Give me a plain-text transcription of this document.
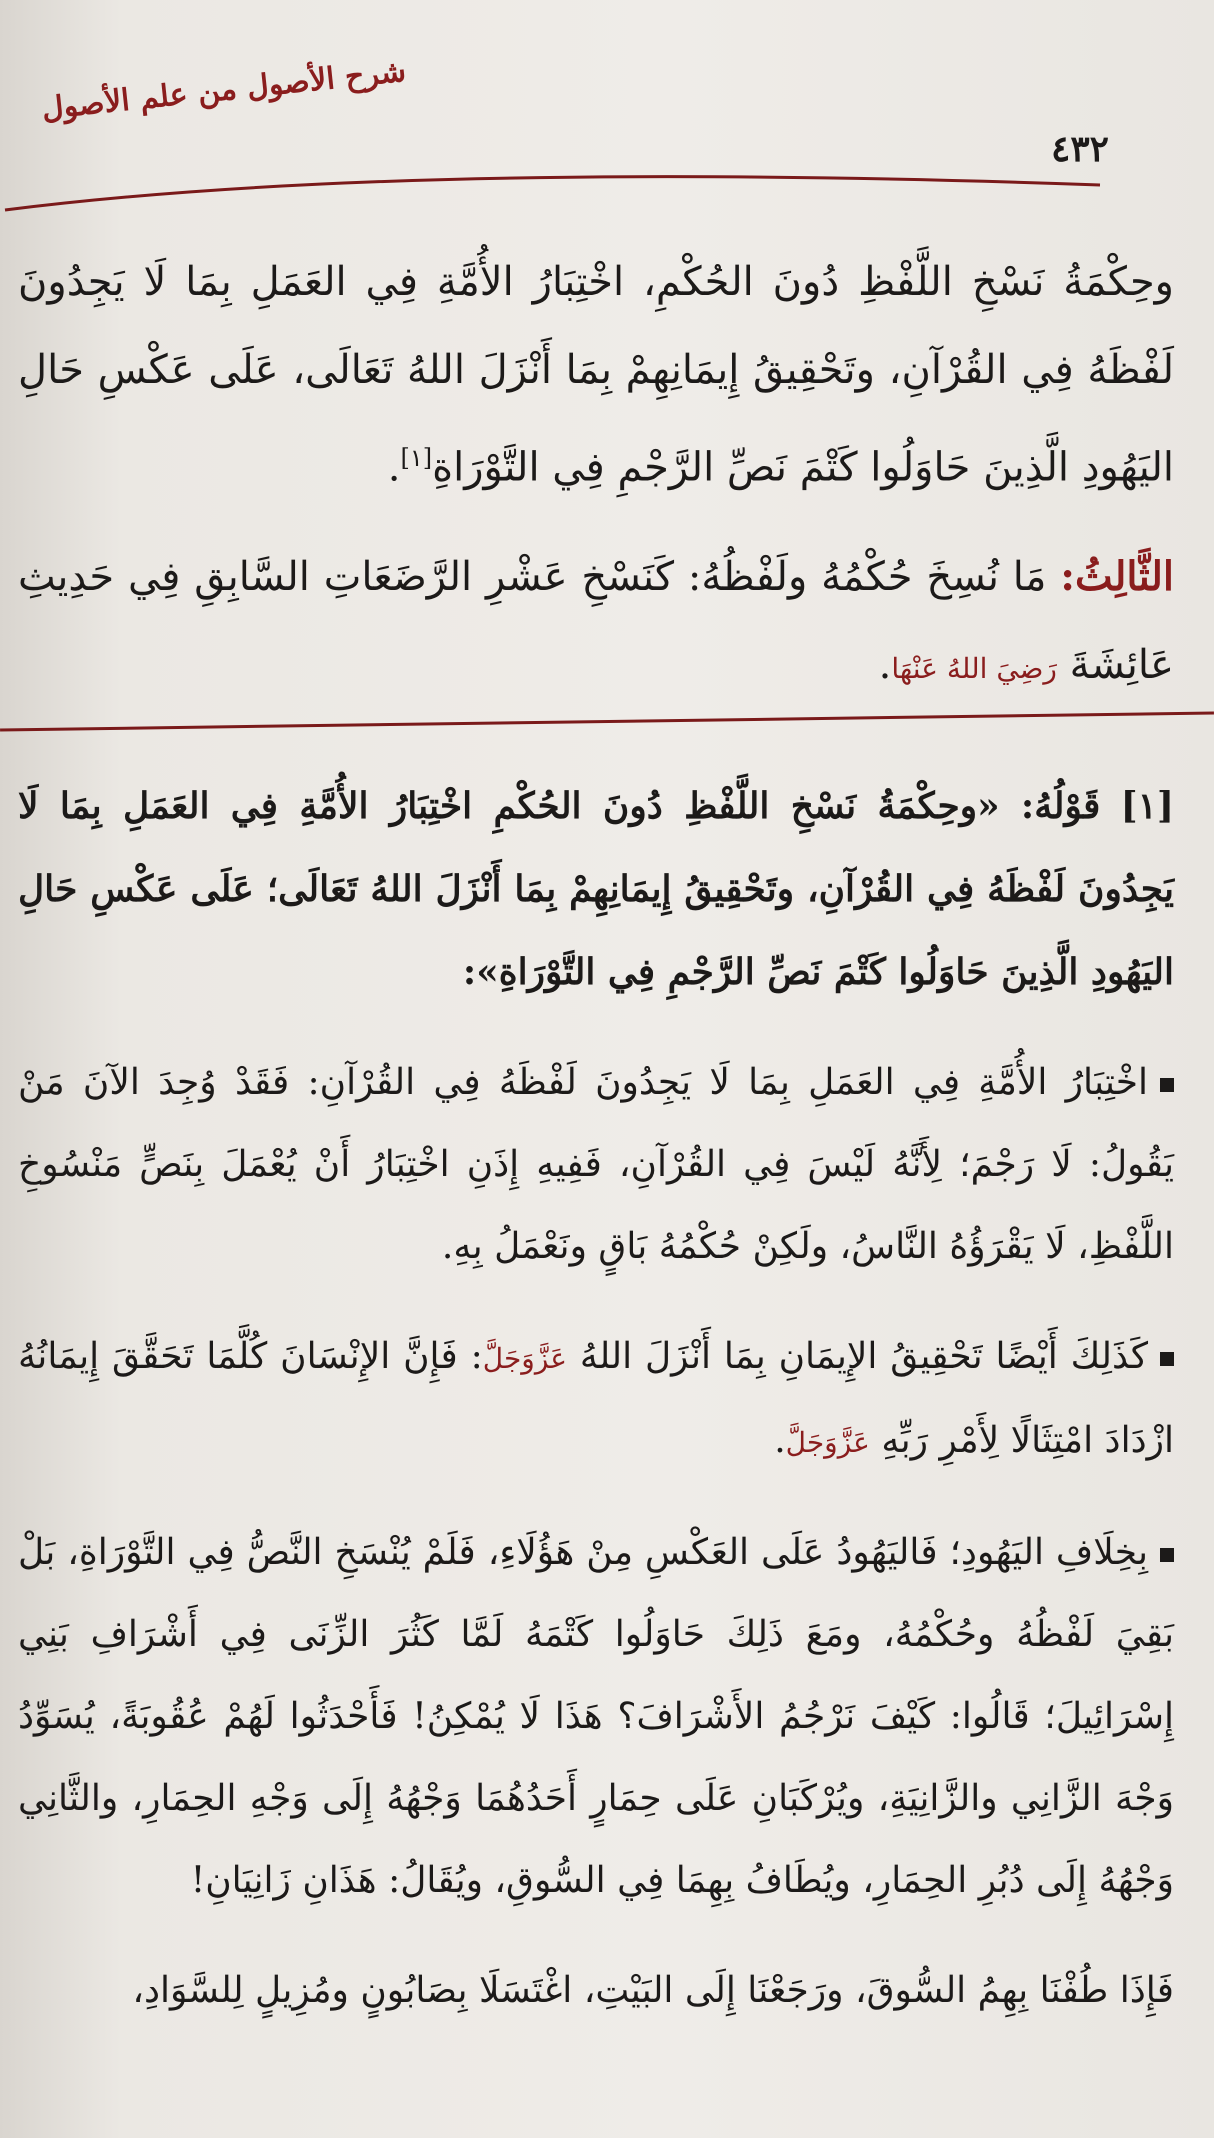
٤٣٢
شرح الأصول من علم الأصول

وحِكْمَةُ نَسْخِ اللَّفْظِ دُونَ الحُكْمِ، اخْتِبَارُ الأُمَّةِ فِي العَمَلِ بِمَا لَا يَجِدُونَ لَفْظَهُ فِي القُرْآنِ، وتَحْقِيقُ إِيمَانِهِمْ بِمَا أَنْزَلَ اللهُ تَعَالَى، عَلَى عَكْسِ حَالِ اليَهُودِ الَّذِينَ حَاوَلُوا كَتْمَ نَصِّ الرَّجْمِ فِي التَّوْرَاةِ[١].

الثَّالِثُ: مَا نُسِخَ حُكْمُهُ ولَفْظُهُ: كَنَسْخِ عَشْرِ الرَّضَعَاتِ السَّابِقِ فِي حَدِيثِ عَائِشَةَ رَضِيَ اللهُ عَنْهَا.

[١] قَوْلُهُ: «وحِكْمَةُ نَسْخِ اللَّفْظِ دُونَ الحُكْمِ اخْتِبَارُ الأُمَّةِ فِي العَمَلِ بِمَا لَا يَجِدُونَ لَفْظَهُ فِي القُرْآنِ، وتَحْقِيقُ إِيمَانِهِمْ بِمَا أَنْزَلَ اللهُ تَعَالَى؛ عَلَى عَكْسِ حَالِ اليَهُودِ الَّذِينَ حَاوَلُوا كَتْمَ نَصِّ الرَّجْمِ فِي التَّوْرَاةِ»:

اخْتِبَارُ الأُمَّةِ فِي العَمَلِ بِمَا لَا يَجِدُونَ لَفْظَهُ فِي القُرْآنِ: فَقَدْ وُجِدَ الآنَ مَنْ يَقُولُ: لَا رَجْمَ؛ لِأَنَّهُ لَيْسَ فِي القُرْآنِ، فَفِيهِ إِذَنِ اخْتِبَارُ أَنْ يُعْمَلَ بِنَصٍّ مَنْسُوخِ اللَّفْظِ، لَا يَقْرَؤُهُ النَّاسُ، ولَكِنْ حُكْمُهُ بَاقٍ ونَعْمَلُ بِهِ.

كَذَلِكَ أَيْضًا تَحْقِيقُ الإِيمَانِ بِمَا أَنْزَلَ اللهُ عَزَّوَجَلَّ: فَإِنَّ الإِنْسَانَ كُلَّمَا تَحَقَّقَ إِيمَانُهُ ازْدَادَ امْتِثَالًا لِأَمْرِ رَبِّهِ عَزَّوَجَلَّ.

بِخِلَافِ اليَهُودِ؛ فَاليَهُودُ عَلَى العَكْسِ مِنْ هَؤُلَاءِ، فَلَمْ يُنْسَخِ النَّصُّ فِي التَّوْرَاةِ، بَلْ بَقِيَ لَفْظُهُ وحُكْمُهُ، ومَعَ ذَلِكَ حَاوَلُوا كَتْمَهُ لَمَّا كَثُرَ الزِّنَى فِي أَشْرَافِ بَنِي إِسْرَائِيلَ؛ قَالُوا: كَيْفَ نَرْجُمُ الأَشْرَافَ؟ هَذَا لَا يُمْكِنُ! فَأَحْدَثُوا لَهُمْ عُقُوبَةً، يُسَوِّدُ وَجْهَ الزَّانِي والزَّانِيَةِ، ويُرْكَبَانِ عَلَى حِمَارٍ أَحَدُهُمَا وَجْهُهُ إِلَى وَجْهِ الحِمَارِ، والثَّانِي وَجْهُهُ إِلَى دُبُرِ الحِمَارِ، ويُطَافُ بِهِمَا فِي السُّوقِ، ويُقَالُ: هَذَانِ زَانِيَانِ!

فَإِذَا طُفْنَا بِهِمُ السُّوقَ، ورَجَعْنَا إِلَى البَيْتِ، اغْتَسَلَا بِصَابُونٍ ومُزِيلٍ لِلسَّوَادِ،
